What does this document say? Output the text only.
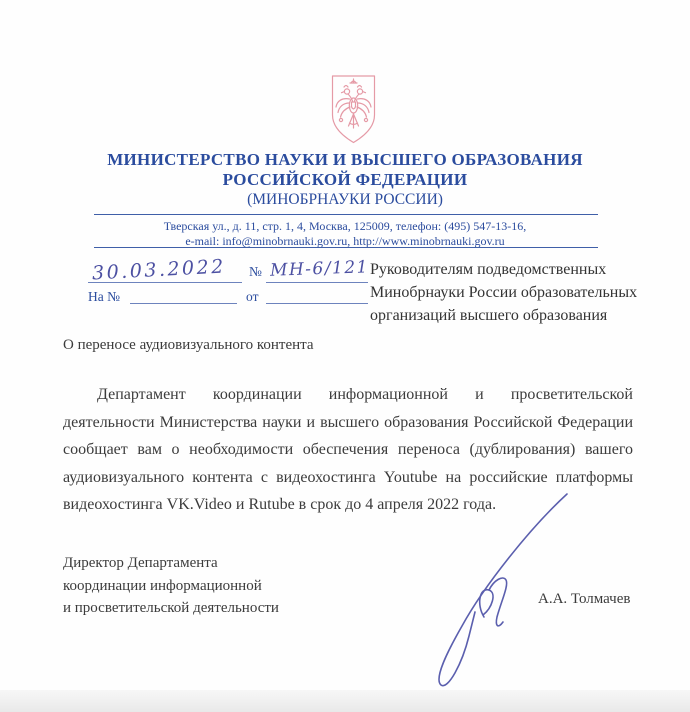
МИНИСТЕРСТВО НАУКИ И ВЫСШЕГО ОБРАЗОВАНИЯ
РОССИЙСКОЙ ФЕДЕРАЦИИ
(МИНОБРНАУКИ РОССИИ)
Тверская ул., д. 11, стр. 1, 4, Москва, 125009, телефон: (495) 547-13-16,
e-mail: info@minobrnauki.gov.ru, http://www.minobrnauki.gov.ru
№
30.03.2022	МН-6/121
На №	от
Руководителям подведомственных
Минобрнауки России образовательных
организаций высшего образования
О переносе аудиовизуального контента
Департамент координации информационной и просветительской деятельности Министерства науки и высшего образования Российской Федерации сообщает вам о необходимости обеспечения переноса (дублирования) вашего аудиовизуального контента с видеохостинга Youtube на российские платформы видеохостинга VK.Video и Rutube в срок до 4 апреля 2022 года.
Директор Департамента
координации информационной
и просветительской деятельности
А.А. Толмачев
